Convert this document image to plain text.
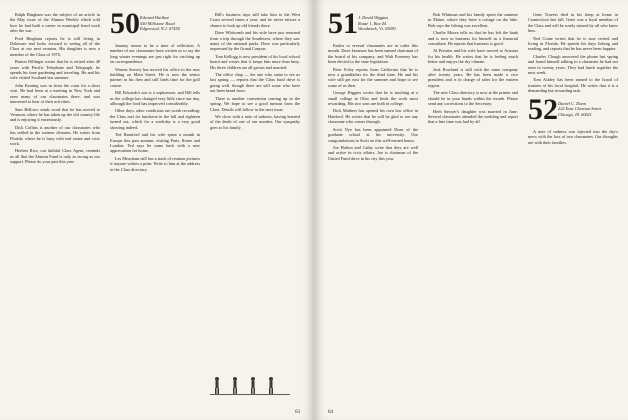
Ralph Bingham was the subject of an article in the May issue of the Alumni Weekly which told how he had built a career in municipal bond work after the war.

Ford Bingham reports he is still living in Delaware and looks forward to seeing all of the Class at our next reunion. His daughter is now a member of the Class of 1976.

Barton Dillinger writes that he is retired after 40 years with Pacific Telephone and Telegraph; he spends his time gardening and traveling. He and his wife visited Scotland last summer.

John Keating was in from the coast for a short visit. He had been at a meeting in New York and seen many of our classmates there, and was interested to hear of their activities.

Sam Bellows sends word that he has moved to Vermont, where he has taken up the old country life and is enjoying it enormously.

Dick Collins is another of our classmates who has settled in the warmer climates. He writes from Florida, where he is busy with real estate and civic work.

Herbert Rice, our faithful Class Agent, reminds us all that the Alumni Fund is only as strong as our support. Please do your part this year.

50 Edward Hurlbut
550 Millstone Road
Edgewood, N.J. 07450

January seems to be a time of reflection. A number of our classmates have written us to say the long winter evenings are just right for catching up on correspondence.

Warren Seavey has moved his office to the new building on Main Street. He is now the senior partner in his firm and still finds time for the golf course.

Bill Edwards's son is a sophomore, and Bill tells us the college has changed very little since our day, although the food has improved considerably.

Other days, other conditions are worth recording: the Class met for luncheon in the fall and eighteen turned out, which for a weekday is a very good showing indeed.

Ted Ransford and his wife spent a month in Europe this past autumn, visiting Paris, Rome and London. Ted says he came back with a new appreciation for home.

Les Meacham still has a stack of reunion pictures if anyone wishes a print. Write to him at the address in the Class directory.

Bill's business trips still take him to the West Coast several times a year, and he never misses a chance to look up old friends there.

Dave Whitcomb and his wife have just returned from a trip through the Southwest, where they saw many of the national parks. Dave was particularly impressed by the Grand Canyon.

Tom Kellogg is now president of his local school board and writes that it keeps him more than busy. His three children are all grown and married.

The office chap — the one who came to see us last spring — reports that the Class fund drive is going well, though there are still some who have not been heard from.

There is another convention coming up in the spring. We hope to see a good turnout from the Class. Details will follow in the next issue.

We close with a note of sadness, having learned of the death of one of our number. Our sympathy goes to his family.

63
51 J. David Wiggins
Route 1, Box 44
Woodstock, Vt. 05091

Kudos to several classmates are in order this month. Dave Jameson has been named chairman of the board of his company, and Walt Pomeroy has been elected to the state legislature.

Peter Foley reports from California that he is now a grandfather for the third time. He and his wife still get east for the summer and hope to see some of us then.

George Higgins writes that he is teaching at a small college in Ohio and finds the work most rewarding. His two sons are both in college.

Dick Mathers has opened his own law office in Hartford. He writes that he will be glad to see any classmate who comes through.

Scott Nye has been appointed Dean of the graduate school at his university. Our congratulations to Scott on this well-earned honor.

Joe Holton and Cathy write that they are well and active in civic affairs. Joe is chairman of the United Fund drive in his city this year.

Bob Whitman and his family spent the summer in Maine, where they have a cottage on the lake. Bob says the fishing was excellent.

Charlie Moore tells us that he has left the bank and is now in business for himself as a financial consultant. He reports that business is good.

Al Prentiss and his wife have moved to Arizona for his health. He writes that he is feeling much better and enjoys the dry climate.

Jack Rowland is still with the same company after twenty years. He has been made a vice president and is in charge of sales for the eastern region.

The new Class directory is now at the printer and should be in your hands within the month. Please send any corrections to the Secretary.

Herb Sawyer's daughter was married in June. Several classmates attended the wedding and report that a fine time was had by all.

Gene Travers died in his sleep at home in Connecticut last fall. Gene was a loyal member of the Class and will be sorely missed by all who knew him.

Ned Crane writes that he is now retired and living in Florida. He spends his days fishing and reading, and reports that he has never been happier.

Charles Clough answered the phone last spring and found himself talking to a classmate he had not seen in twenty years. They had lunch together the next week.

Tom Ashley has been named to the board of trustees of his local hospital. He writes that it is a demanding but rewarding task.

52 Daniel C. Dunn
222 East Chestnut Street
Chicago, Ill. 60611

A note of sadness was injected into the day's news with the loss of two classmates. Our thoughts are with their families.

64
